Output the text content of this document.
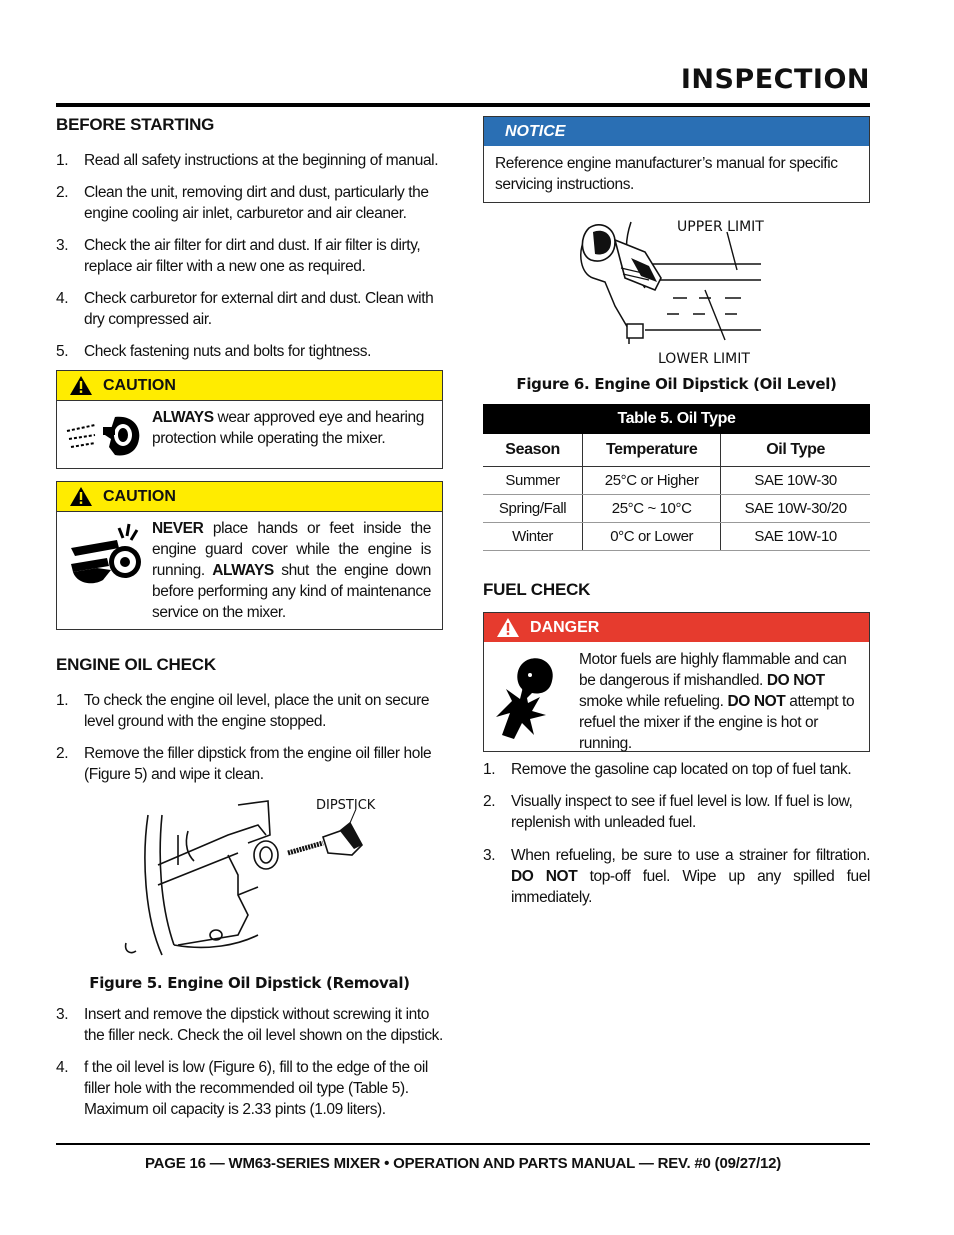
INSPECTION
BEFORE STARTING
1. Read all safety instructions at the beginning of manual.
2. Clean the unit, removing dirt and dust, particularly the engine cooling air inlet, carburetor and air cleaner.
3. Check the air filter for dirt and dust. If air filter is dirty, replace air filter with a new one as required.
4. Check carburetor for external dirt and dust. Clean with dry compressed air.
5. Check fastening nuts and bolts for tightness.
CAUTION
ALWAYS wear approved eye and hearing protection while operating the mixer.
CAUTION
NEVER place hands or feet inside the engine guard cover while the engine is running. ALWAYS shut the engine down before performing any kind of maintenance service on the mixer.
ENGINE OIL CHECK
1. To check the engine oil level, place the unit on secure level ground with the engine stopped.
2. Remove the filler dipstick from the engine oil filler hole (Figure 5) and wipe it clean.
DIPSTICK
Figure 5. Engine Oil Dipstick (Removal)
3. Insert and remove the dipstick without screwing it into the filler neck. Check the oil level shown on the dipstick.
4. f the oil level is low (Figure 6), fill to the edge of the oil filler hole with the recommended oil type (Table 5). Maximum oil capacity is 2.33 pints (1.09 liters).
NOTICE
Reference engine manufacturer’s manual for specific servicing instructions.
UPPER LIMIT
LOWER LIMIT
Figure 6. Engine Oil Dipstick (Oil Level)
Table 5. Oil Type		
Season	Temperature	Oil Type
Summer	25°C or Higher	SAE 10W-30
Spring/Fall	25°C ~ 10°C	SAE 10W-30/20
Winter	0°C or Lower	SAE 10W-10
FUEL CHECK
DANGER
Motor fuels are highly flammable and can be dangerous if mishandled. DO NOT smoke while refueling. DO NOT attempt to refuel the mixer if the engine is hot or running.
1. Remove the gasoline cap located on top of fuel tank.
2. Visually inspect to see if fuel level is low. If fuel is low, replenish with unleaded fuel.
3. When refueling, be sure to use a strainer for filtration. DO NOT top-off fuel. Wipe up any spilled fuel immediately.
PAGE 16 — WM63-SERIES MIXER • OPERATION AND PARTS MANUAL — REV. #0 (09/27/12)
